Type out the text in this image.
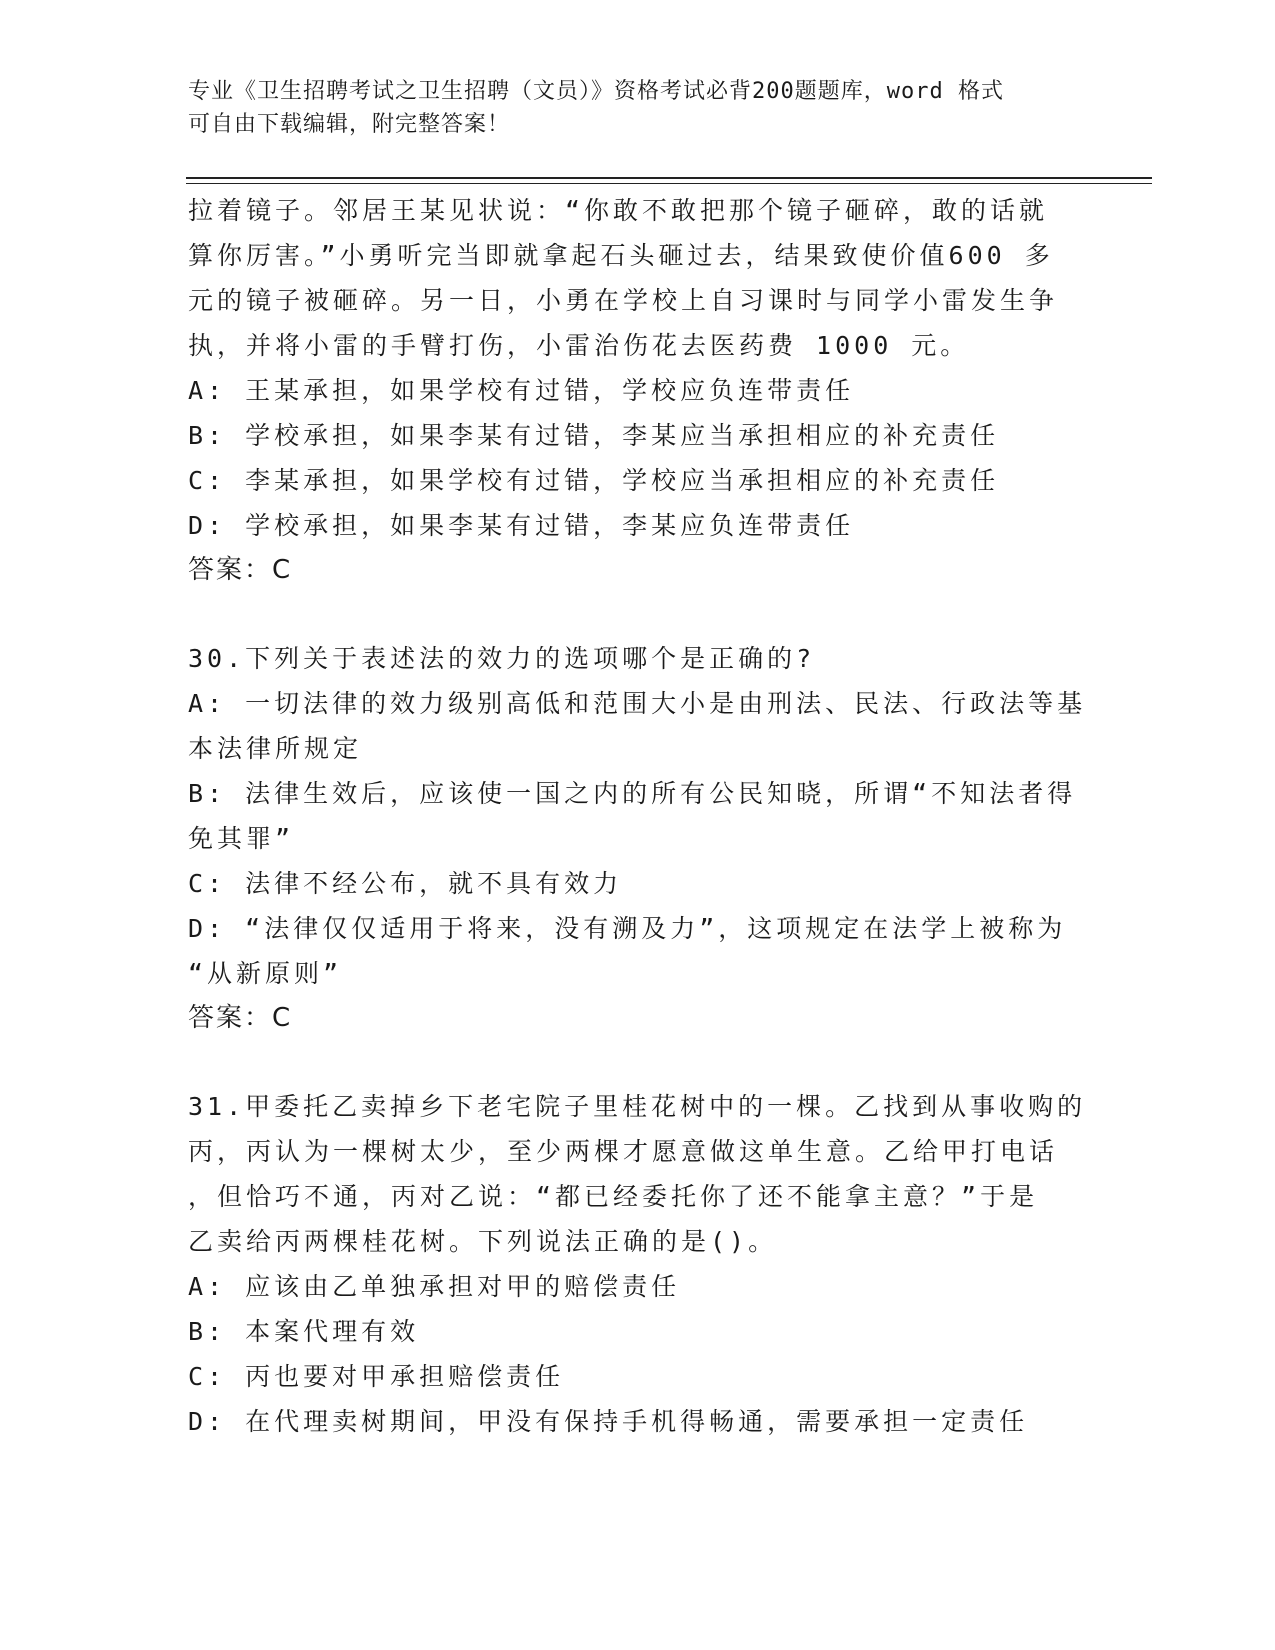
专业《卫生招聘考试之卫生招聘（文员）》资格考试必背200题题库，word 格式
可自由下载编辑，附完整答案！
拉着镜子。邻居王某见状说：“你敢不敢把那个镜子砸碎，敢的话就
算你厉害。”小勇听完当即就拿起石头砸过去，结果致使价值600 多
元的镜子被砸碎。另一日，小勇在学校上自习课时与同学小雷发生争
执，并将小雷的手臂打伤，小雷治伤花去医药费 1000 元。
A: 王某承担，如果学校有过错，学校应负连带责任
B: 学校承担，如果李某有过错，李某应当承担相应的补充责任
C: 李某承担，如果学校有过错，学校应当承担相应的补充责任
D: 学校承担，如果李某有过错，李某应负连带责任
答案：C
30.下列关于表述法的效力的选项哪个是正确的?
A: 一切法律的效力级别高低和范围大小是由刑法、民法、行政法等基
本法律所规定
B: 法律生效后，应该使一国之内的所有公民知晓，所谓“不知法者得
免其罪”
C: 法律不经公布，就不具有效力
D: “法律仅仅适用于将来，没有溯及力”，这项规定在法学上被称为
“从新原则”
答案：C
31.甲委托乙卖掉乡下老宅院子里桂花树中的一棵。乙找到从事收购的
丙，丙认为一棵树太少，至少两棵才愿意做这单生意。乙给甲打电话
，但恰巧不通，丙对乙说：“都已经委托你了还不能拿主意？”于是
乙卖给丙两棵桂花树。下列说法正确的是()。
A: 应该由乙单独承担对甲的赔偿责任
B: 本案代理有效
C: 丙也要对甲承担赔偿责任
D: 在代理卖树期间，甲没有保持手机得畅通，需要承担一定责任
